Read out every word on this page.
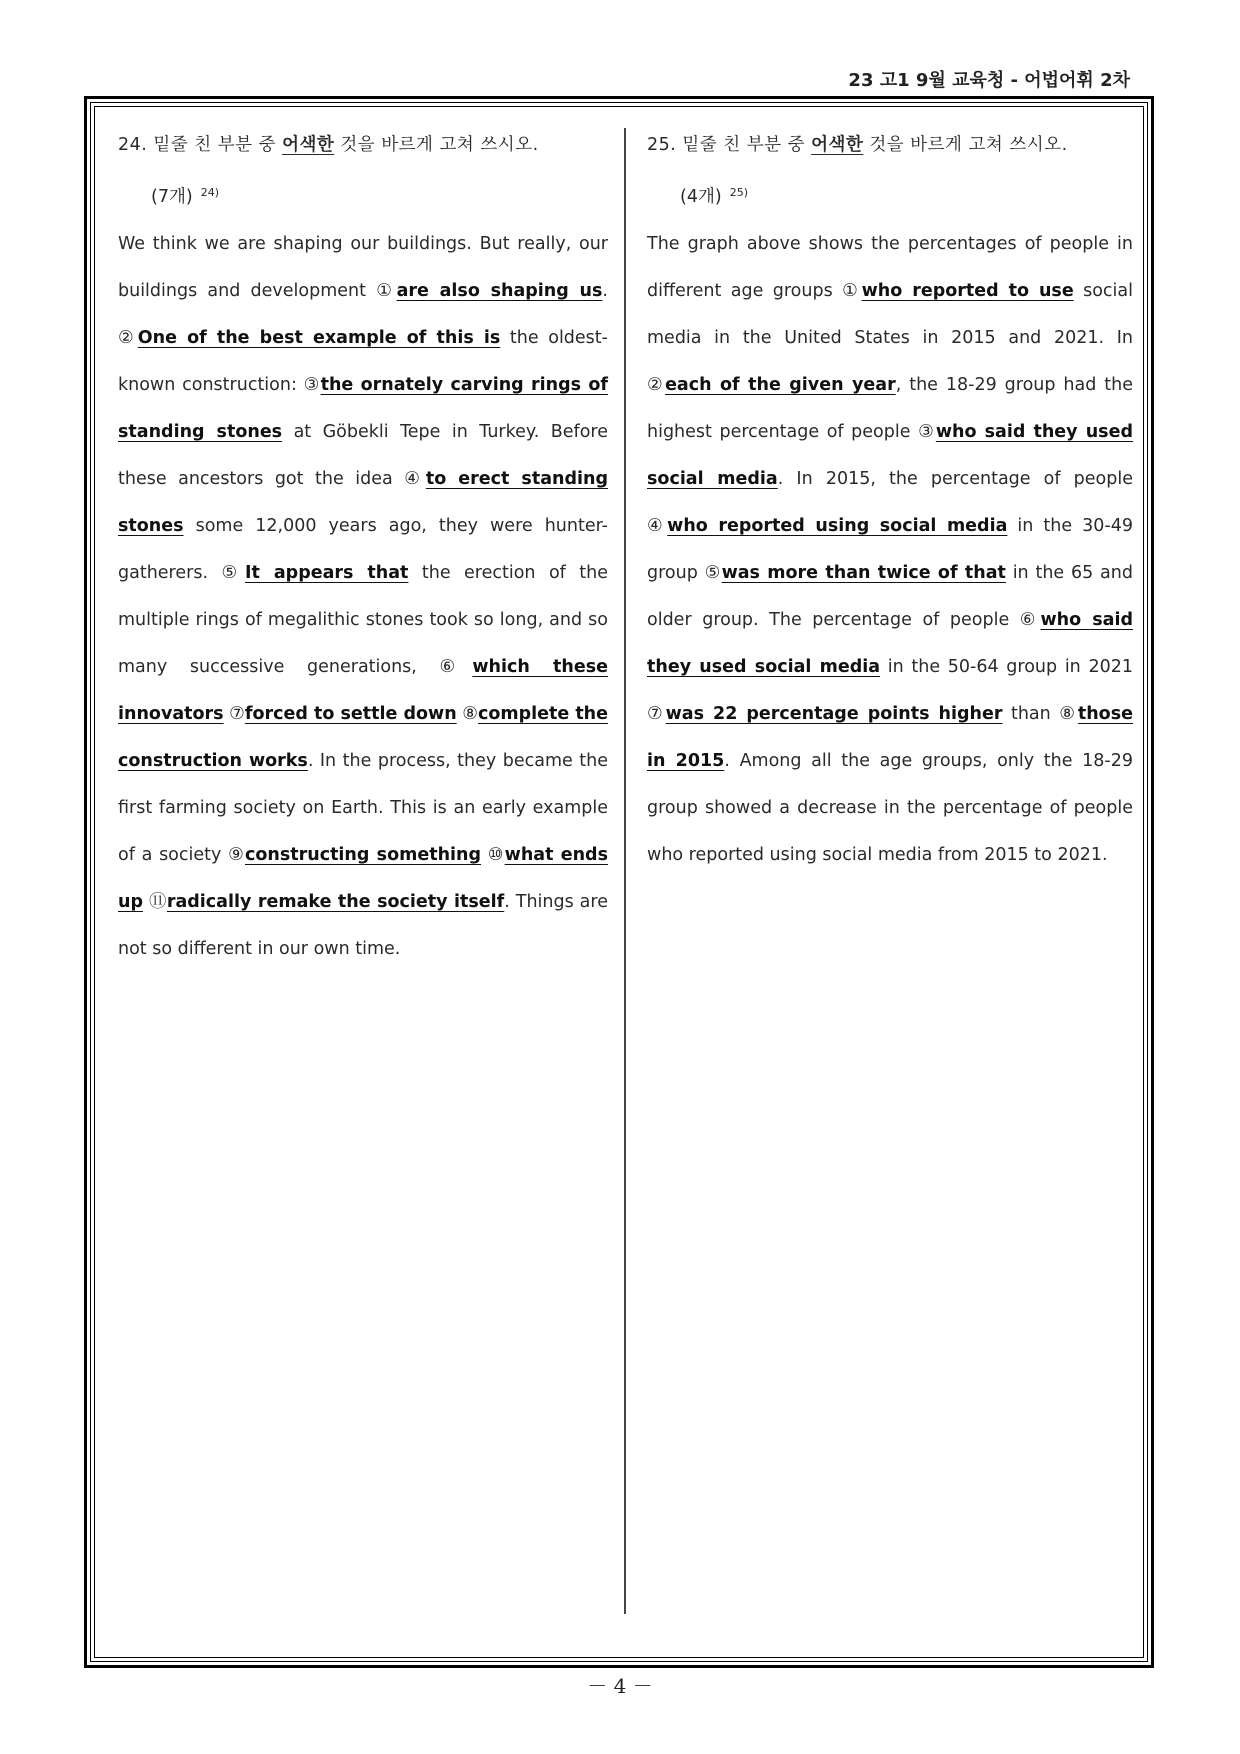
23 고1 9월 교육청 - 어법어휘 2차
24. 밑줄 친 부분 중 어색한 것을 바르게 고쳐 쓰시오.
(7개) $^{24)}$
We think we are shaping our buildings. But really, our buildings and development ①are also shaping us. ②One of the best example of this is the oldest-known construction: ③the ornately carving rings of standing stones at Göbekli Tepe in Turkey. Before these ancestors got the idea ④to erect standing stones some 12,000 years ago, they were hunter-gatherers. ⑤It appears that the erection of the multiple rings of megalithic stones took so long, and so many successive generations, ⑥which these innovators ⑦forced to settle down ⑧complete the construction works. In the process, they became the first farming society on Earth. This is an early example of a society ⑨constructing something ⑩what ends up ⑪radically remake the society itself. Things are not so different in our own time.
25. 밑줄 친 부분 중 어색한 것을 바르게 고쳐 쓰시오.
(4개) $^{25)}$
The graph above shows the percentages of people in different age groups ①who reported to use social media in the United States in 2015 and 2021. In ②each of the given year, the 18-29 group had the highest percentage of people ③who said they used social media. In 2015, the percentage of people ④who reported using social media in the 30-49 group ⑤was more than twice of that in the 65 and older group. The percentage of people ⑥who said they used social media in the 50-64 group in 2021 ⑦was 22 percentage points higher than ⑧those in 2015. Among all the age groups, only the 18-29 group showed a decrease in the percentage of people who reported using social media from 2015 to 2021.
－ 4 －
